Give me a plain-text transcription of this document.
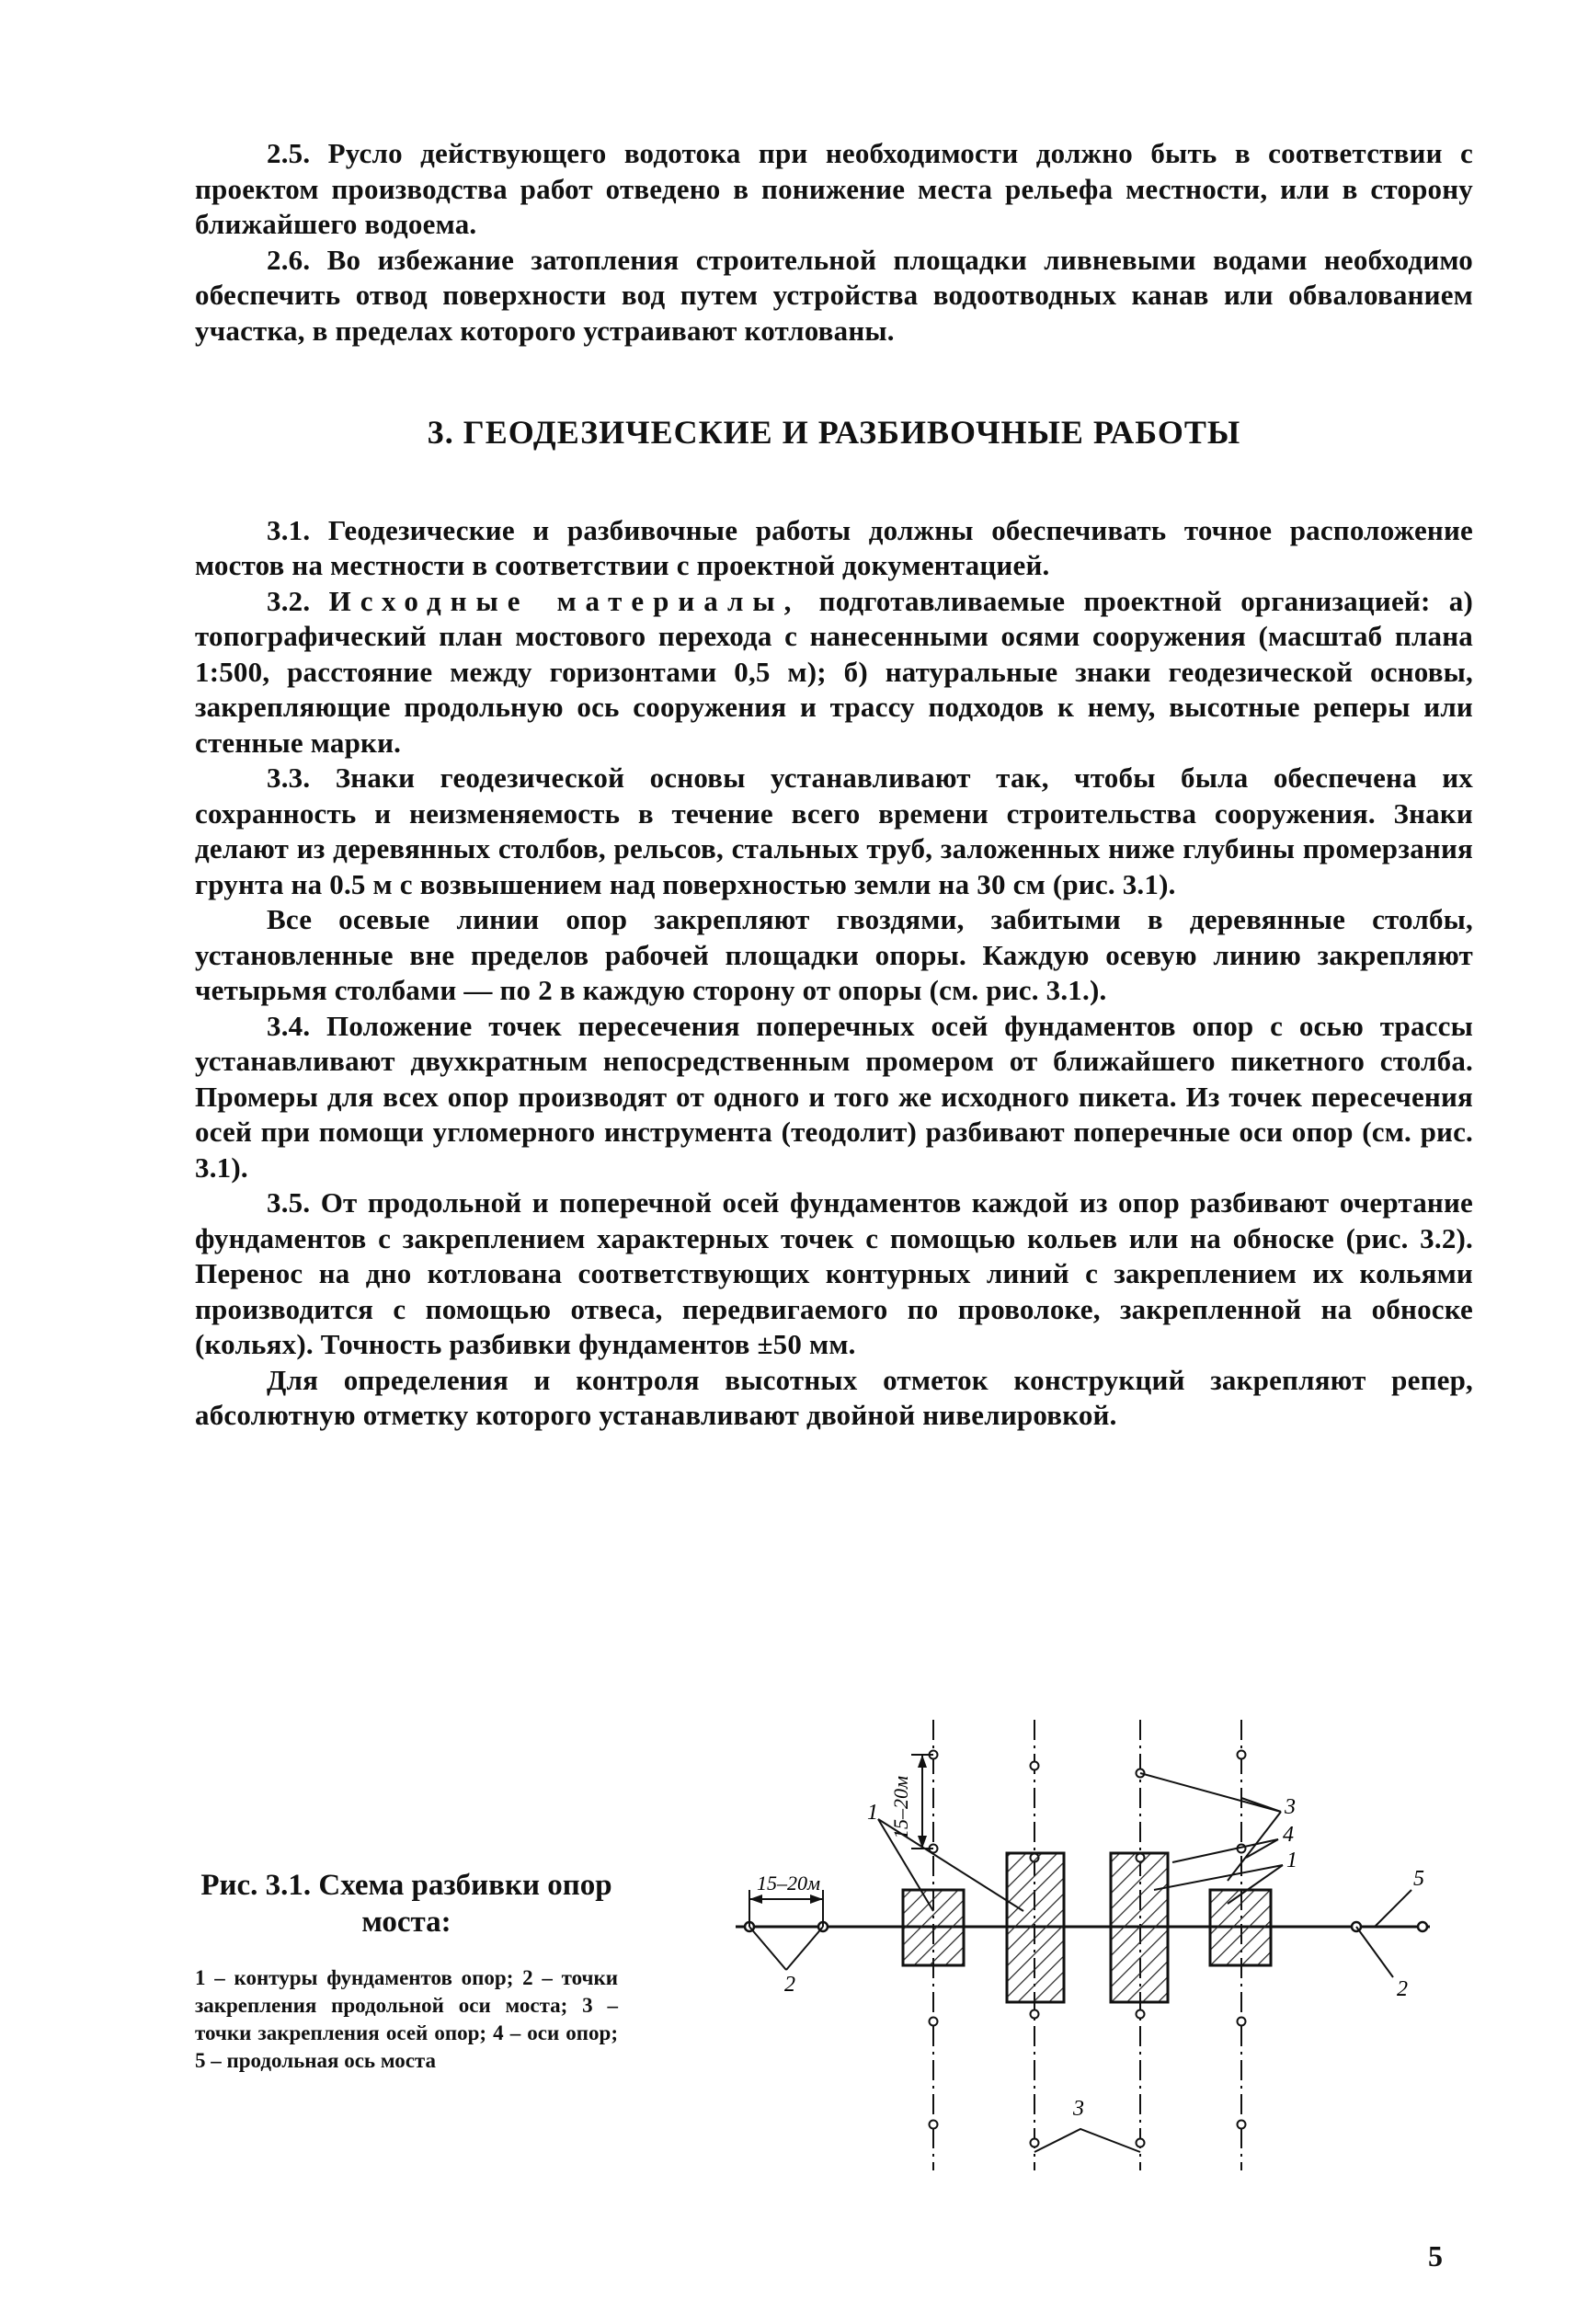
2.5. Русло действующего водотока при необходимости должно быть в соответствии с проектом производства работ отведено в понижение места рельефа местности, или в сторону ближайшего водоема.

2.6. Во избежание затопления строительной площадки ливневыми водами необходимо обеспечить отвод поверхности вод путем устройства водоотводных канав или обвалованием участка, в пределах которого устраивают котлованы.

3. ГЕОДЕЗИЧЕСКИЕ И РАЗБИВОЧНЫЕ РАБОТЫ

3.1. Геодезические и разбивочные работы должны обеспечивать точное расположение мостов на местности в соответствии с проектной документацией.

3.2. Исходные материалы, подготавливаемые проектной организацией: а) топографический план мостового перехода с нанесенными осями сооружения (масштаб плана 1:500, расстояние между горизонтами 0,5 м); б) натуральные знаки геодезической основы, закрепляющие продольную ось сооружения и трассу подходов к нему, высотные реперы или стенные марки.

3.3. Знаки геодезической основы устанавливают так, чтобы была обеспечена их сохранность и неизменяемость в течение всего времени строительства сооружения. Знаки делают из деревянных столбов, рельсов, стальных труб, заложенных ниже глубины промерзания грунта на 0.5 м с возвышением над поверхностью земли на 30 см (рис. 3.1).

Все осевые линии опор закрепляют гвоздями, забитыми в деревянные столбы, установленные вне пределов рабочей площадки опоры. Каждую осевую линию закрепляют четырьмя столбами — по 2 в каждую сторону от опоры (см. рис. 3.1.).

3.4. Положение точек пересечения поперечных осей фундаментов опор с осью трассы устанавливают двухкратным непосредственным промером от ближайшего пикетного столба. Промеры для всех опор производят от одного и того же исходного пикета. Из точек пересечения осей при помощи угломерного инструмента (теодолит) разбивают поперечные оси опор (см. рис. 3.1).

3.5. От продольной и поперечной осей фундаментов каждой из опор разбивают очертание фундаментов с закреплением характерных точек с помощью кольев или на обноске (рис. 3.2). Перенос на дно котлована соответствующих контурных линий с закреплением их кольями производится с помощью отвеса, передвигаемого по проволоке, закрепленной на обноске (кольях). Точность разбивки фундаментов ±50 мм.

Для определения и контроля высотных отметок конструкций закрепляют репер, абсолютную отметку которого устанавливают двойной нивелировкой.

Рис. 3.1. Схема разбивки опор моста:

1 – контуры фундаментов опор; 2 – точки закрепления продольной оси моста; 3 – точки закрепления осей опор; 4 – оси опор; 5 – продольная ось моста

15–20м
15–20м
1
1
2	2
3
3
4
5
5
